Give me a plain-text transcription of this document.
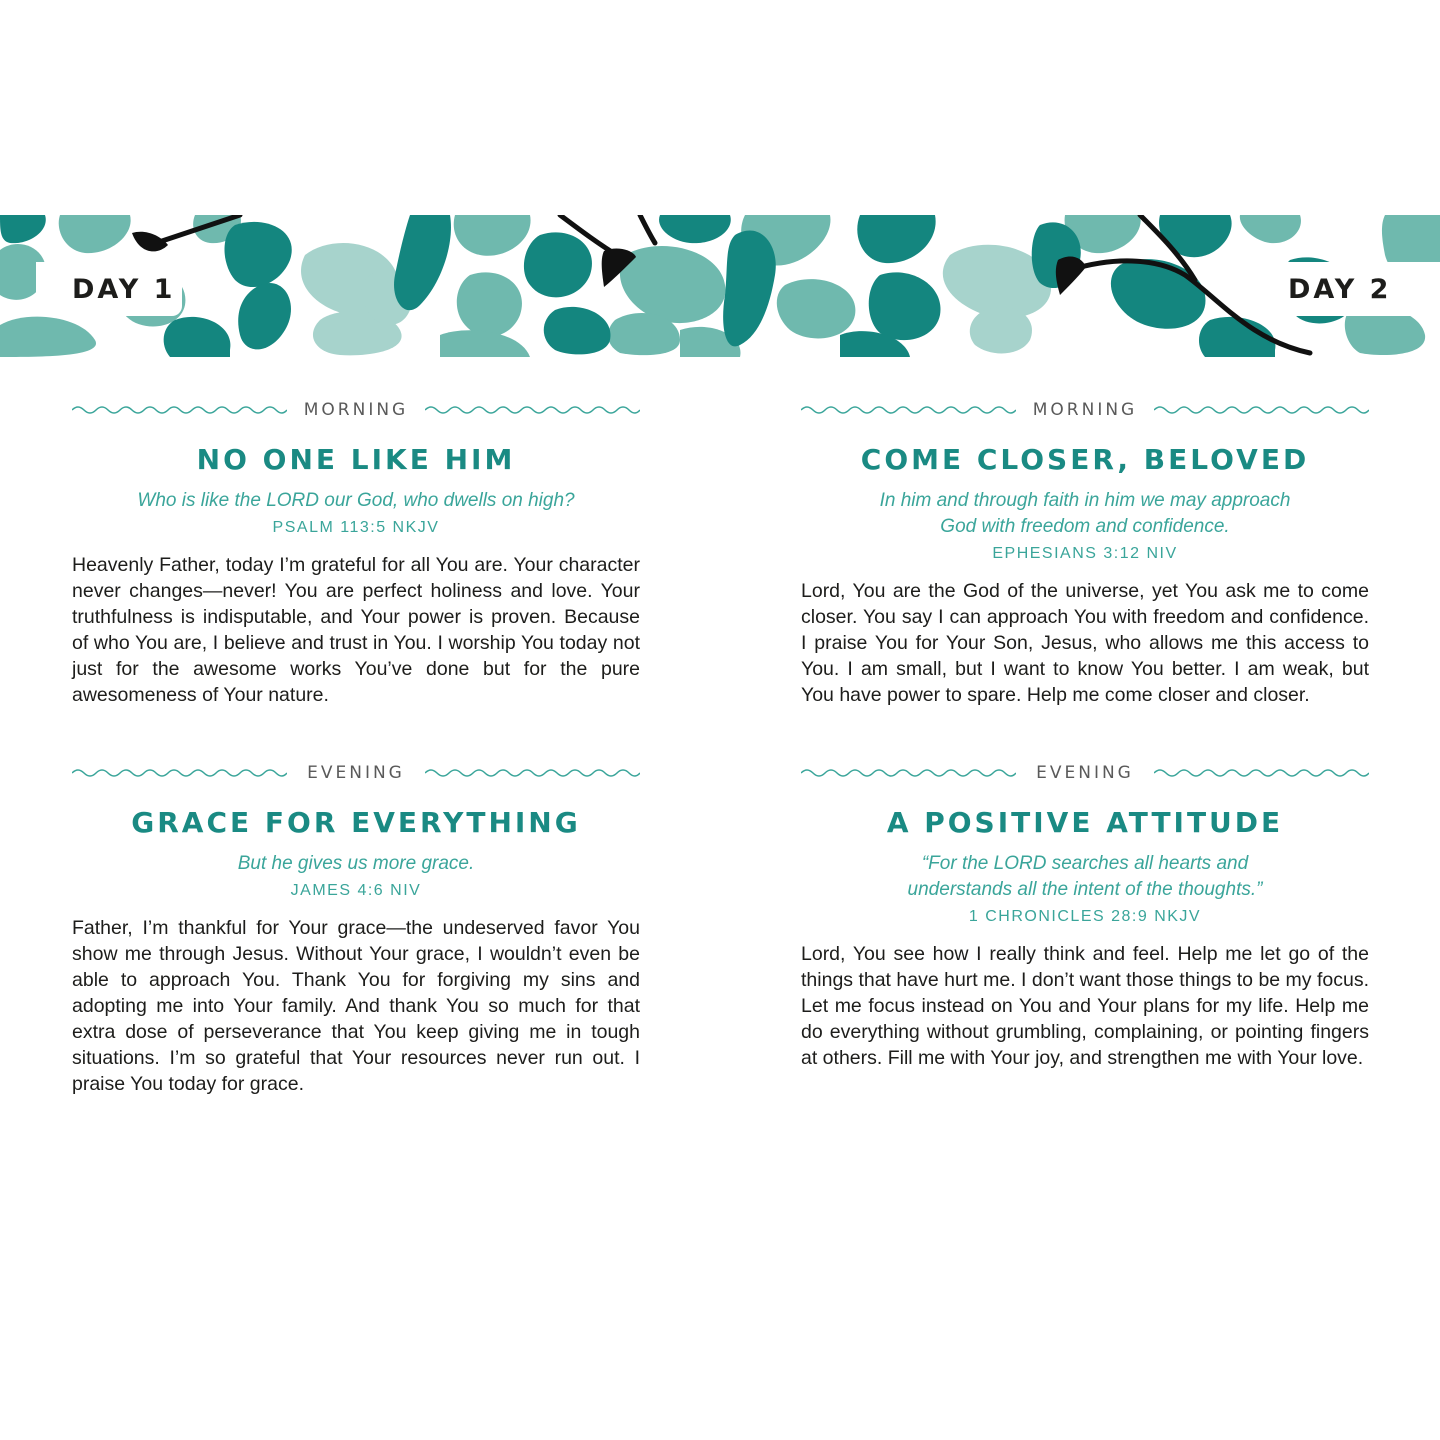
DAY 1	DAY 2
MORNING
NO ONE LIKE HIM
Who is like the LORD our God, who dwells on high?
PSALM 113:5 NKJV
Heavenly Father, today I’m grateful for all You are. Your character never changes—never! You are perfect holiness and love. Your truthfulness is indisputable, and Your power is proven. Because of who You are, I believe and trust in You. I worship You today not just for the awesome works You’ve done but for the pure awesomeness of Your nature.
EVENING
GRACE FOR EVERYTHING
But he gives us more grace.
JAMES 4:6 NIV
Father, I’m thankful for Your grace—the undeserved favor You show me through Jesus. Without Your grace, I wouldn’t even be able to approach You. Thank You for forgiving my sins and adopting me into Your family. And thank You so much for that extra dose of perseverance that You keep giving me in tough situations. I’m so grateful that Your resources never run out. I praise You today for grace.
MORNING
COME CLOSER, BELOVED
In him and through faith in him we may approach
God with freedom and confidence.
EPHESIANS 3:12 NIV
Lord, You are the God of the universe, yet You ask me to come closer. You say I can approach You with freedom and confidence. I praise You for Your Son, Jesus, who allows me this access to You. I am small, but I want to know You better. I am weak, but You have power to spare. Help me come closer and closer.
EVENING
A POSITIVE ATTITUDE
“For the LORD searches all hearts and
understands all the intent of the thoughts.”
1 CHRONICLES 28:9 NKJV
Lord, You see how I really think and feel. Help me let go of the things that have hurt me. I don’t want those things to be my focus. Let me focus instead on You and Your plans for my life. Help me do everything without grumbling, complaining, or pointing fingers at others. Fill me with Your joy, and strengthen me with Your love.
